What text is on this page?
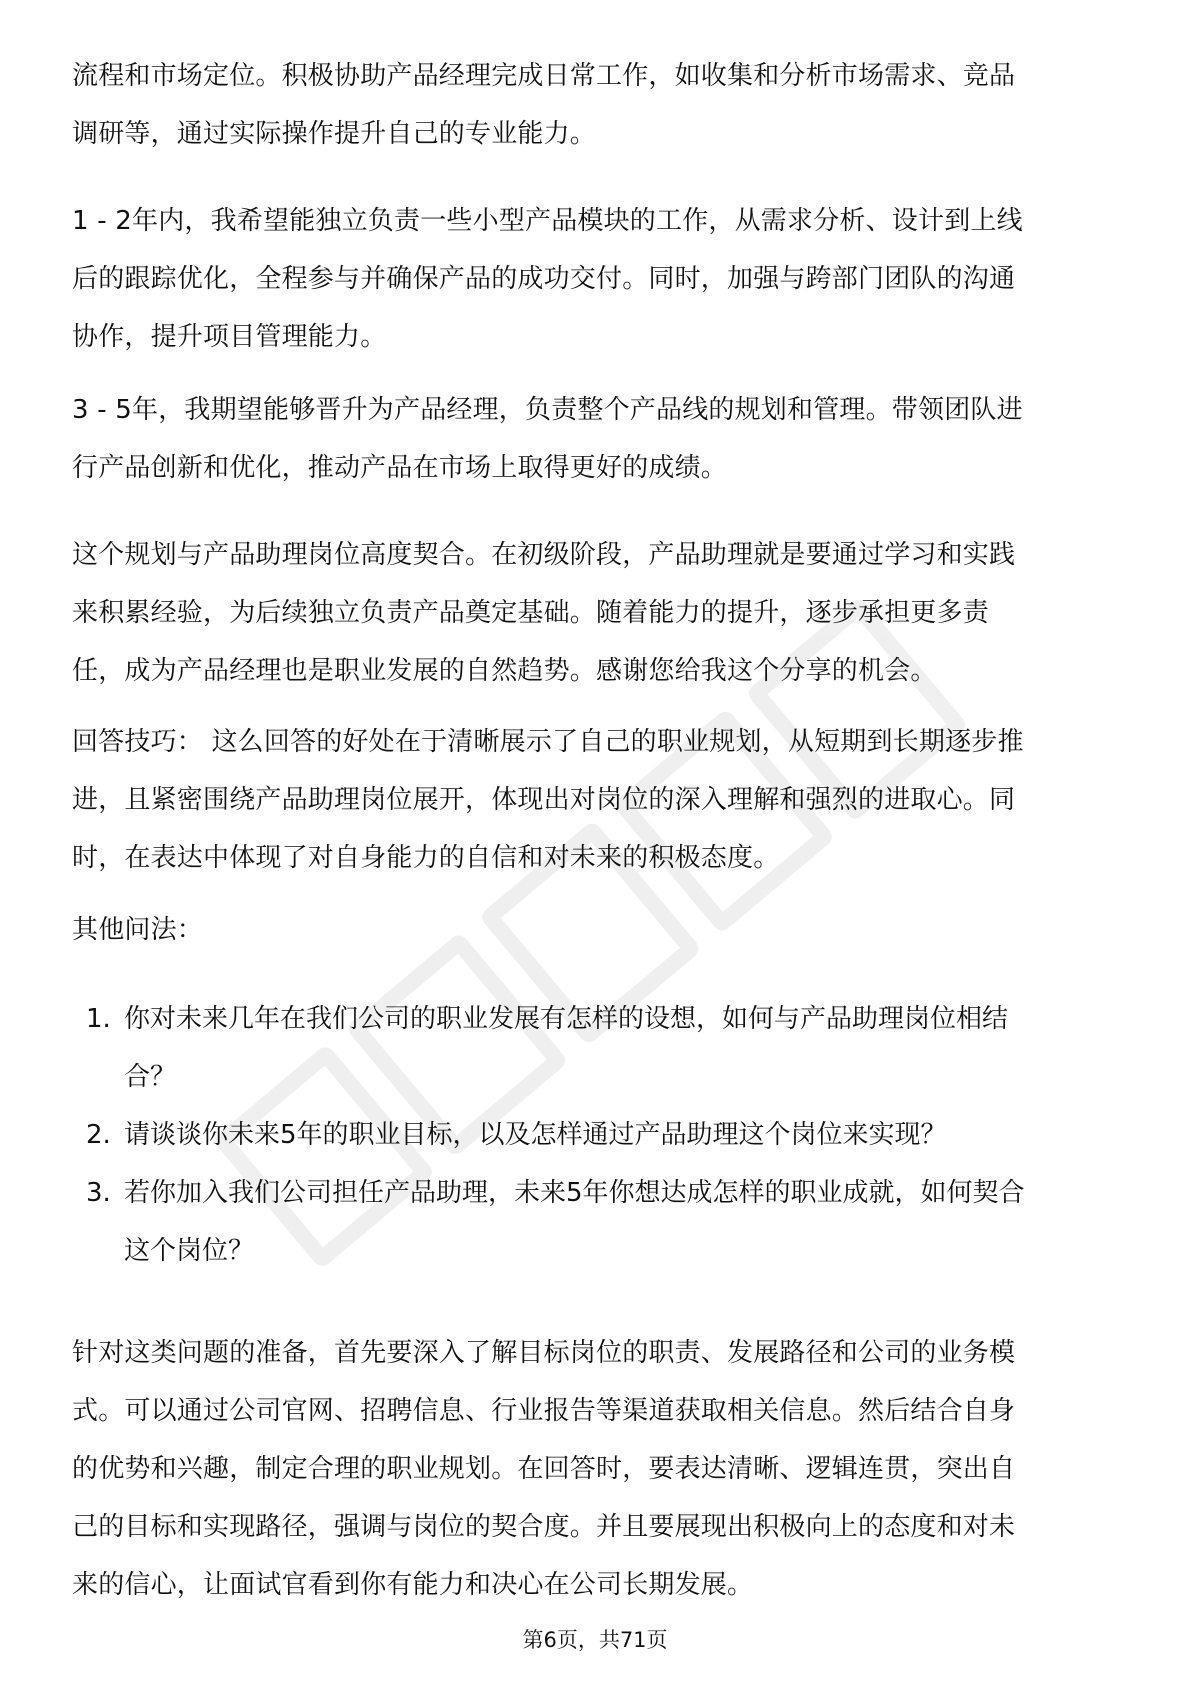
流程和市场定位。积极协助产品经理完成日常工作，如收集和分析市场需求、竞品
调研等，通过实际操作提升自己的专业能力。

1 - 2年内，我希望能独立负责一些小型产品模块的工作，从需求分析、设计到上线
后的跟踪优化，全程参与并确保产品的成功交付。同时，加强与跨部门团队的沟通
协作，提升项目管理能力。

3 - 5年，我期望能够晋升为产品经理，负责整个产品线的规划和管理。带领团队进
行产品创新和优化，推动产品在市场上取得更好的成绩。

这个规划与产品助理岗位高度契合。在初级阶段，产品助理就是要通过学习和实践
来积累经验，为后续独立负责产品奠定基础。随着能力的提升，逐步承担更多责
任，成为产品经理也是职业发展的自然趋势。感谢您给我这个分享的机会。

回答技巧： 这么回答的好处在于清晰展示了自己的职业规划，从短期到长期逐步推
进，且紧密围绕产品助理岗位展开，体现出对岗位的深入理解和强烈的进取心。同
时，在表达中体现了对自身能力的自信和对未来的积极态度。

其他问法：

1. 你对未来几年在我们公司的职业发展有怎样的设想，如何与产品助理岗位相结
合？
2. 请谈谈你未来5年的职业目标，以及怎样通过产品助理这个岗位来实现？
3. 若你加入我们公司担任产品助理，未来5年你想达成怎样的职业成就，如何契合
这个岗位？

针对这类问题的准备，首先要深入了解目标岗位的职责、发展路径和公司的业务模
式。可以通过公司官网、招聘信息、行业报告等渠道获取相关信息。然后结合自身
的优势和兴趣，制定合理的职业规划。在回答时，要表达清晰、逻辑连贯，突出自
己的目标和实现路径，强调与岗位的契合度。并且要展现出积极向上的态度和对未
来的信心，让面试官看到你有能力和决心在公司长期发展。

第6页，共71页
